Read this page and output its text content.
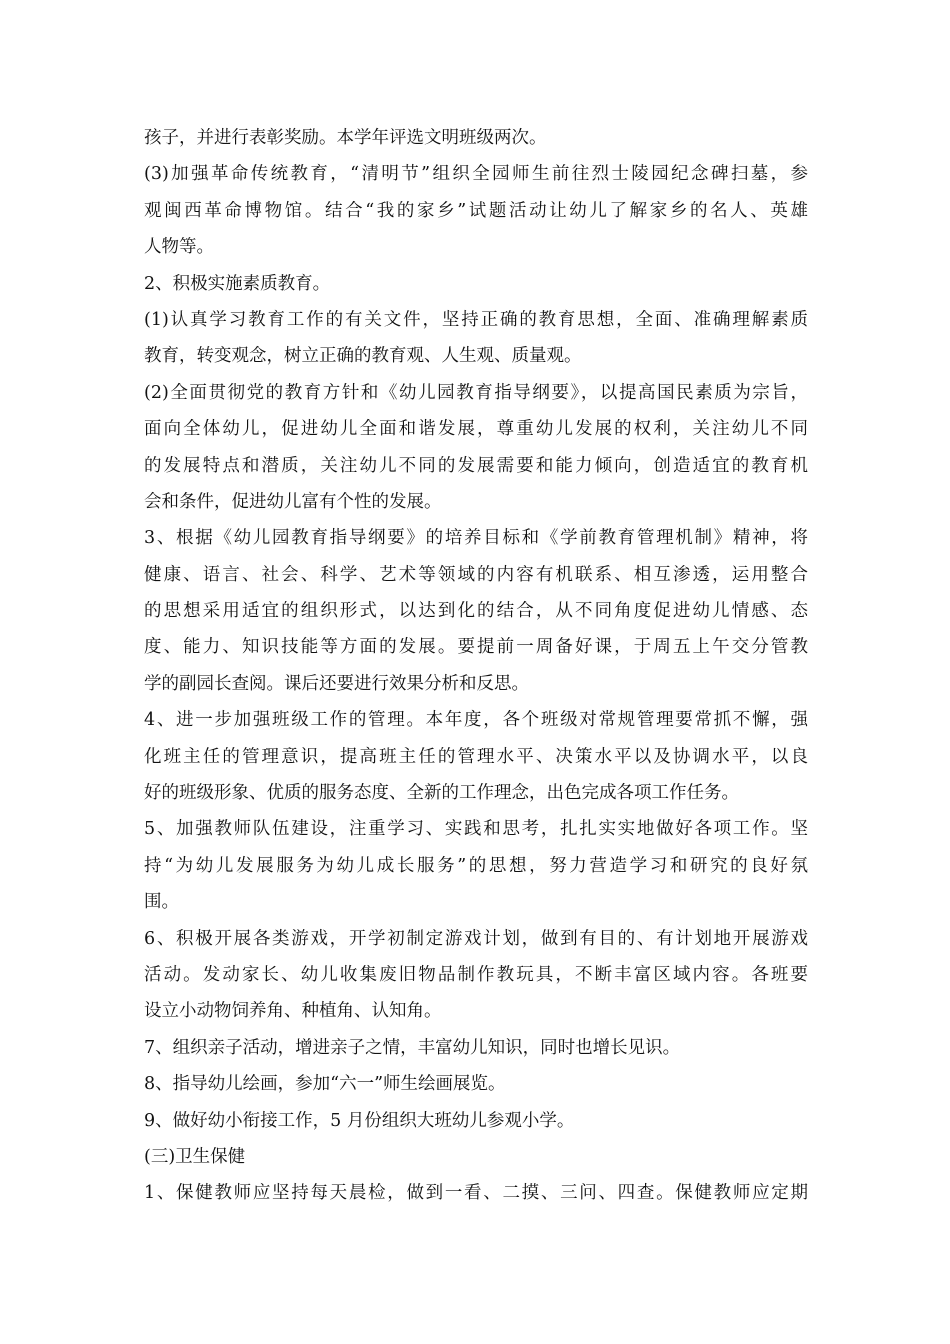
孩子，并进行表彰奖励。本学年评选文明班级两次。
(3)加强革命传统教育，“清明节”组织全园师生前往烈士陵园纪念碑扫墓，参
观闽西革命博物馆。结合“我的家乡”试题活动让幼儿了解家乡的名人、英雄
人物等。
2、积极实施素质教育。
(1)认真学习教育工作的有关文件，坚持正确的教育思想，全面、准确理解素质
教育，转变观念，树立正确的教育观、人生观、质量观。
(2)全面贯彻党的教育方针和《幼儿园教育指导纲要》，以提高国民素质为宗旨，
面向全体幼儿，促进幼儿全面和谐发展，尊重幼儿发展的权利，关注幼儿不同
的发展特点和潜质，关注幼儿不同的发展需要和能力倾向，创造适宜的教育机
会和条件，促进幼儿富有个性的发展。
3、根据《幼儿园教育指导纲要》的培养目标和《学前教育管理机制》精神，将
健康、语言、社会、科学、艺术等领域的内容有机联系、相互渗透，运用整合
的思想采用适宜的组织形式，以达到化的结合，从不同角度促进幼儿情感、态
度、能力、知识技能等方面的发展。要提前一周备好课，于周五上午交分管教
学的副园长查阅。课后还要进行效果分析和反思。
4、进一步加强班级工作的管理。本年度，各个班级对常规管理要常抓不懈，强
化班主任的管理意识，提高班主任的管理水平、决策水平以及协调水平，以良
好的班级形象、优质的服务态度、全新的工作理念，出色完成各项工作任务。
5、加强教师队伍建设，注重学习、实践和思考，扎扎实实地做好各项工作。坚
持“为幼儿发展服务为幼儿成长服务”的思想，努力营造学习和研究的良好氛
围。
6、积极开展各类游戏，开学初制定游戏计划，做到有目的、有计划地开展游戏
活动。发动家长、幼儿收集废旧物品制作教玩具，不断丰富区域内容。各班要
设立小动物饲养角、种植角、认知角。
7、组织亲子活动，增进亲子之情，丰富幼儿知识，同时也增长见识。
8、指导幼儿绘画，参加“六一”师生绘画展览。
9、做好幼小衔接工作，5 月份组织大班幼儿参观小学。
(三)卫生保健
1、保健教师应坚持每天晨检，做到一看、二摸、三问、四查。保健教师应定期
